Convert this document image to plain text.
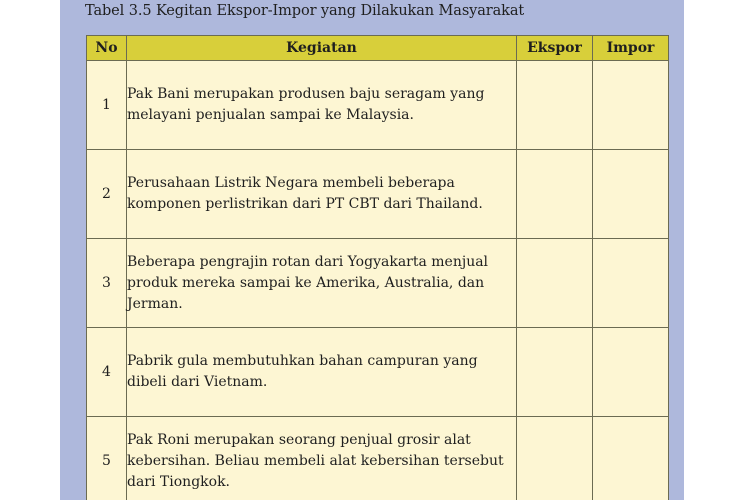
Tabel 3.5 Kegitan Ekspor-Impor yang Dilakukan Masyarakat
No	Kegiatan	Ekspor	Impor
1	Pak Bani merupakan produsen baju seragam yang melayani penjualan sampai ke Malaysia.		
2	Perusahaan Listrik Negara membeli beberapa komponen perlistrikan dari PT CBT dari Thailand.		
3	Beberapa pengrajin rotan dari Yogyakarta menjual produk mereka sampai ke Amerika, Australia, dan Jerman.		
4	Pabrik gula membutuhkan bahan campuran yang dibeli dari Vietnam.		
5	Pak Roni merupakan seorang penjual grosir alat kebersihan. Beliau membeli alat kebersihan tersebut dari Tiongkok.		
